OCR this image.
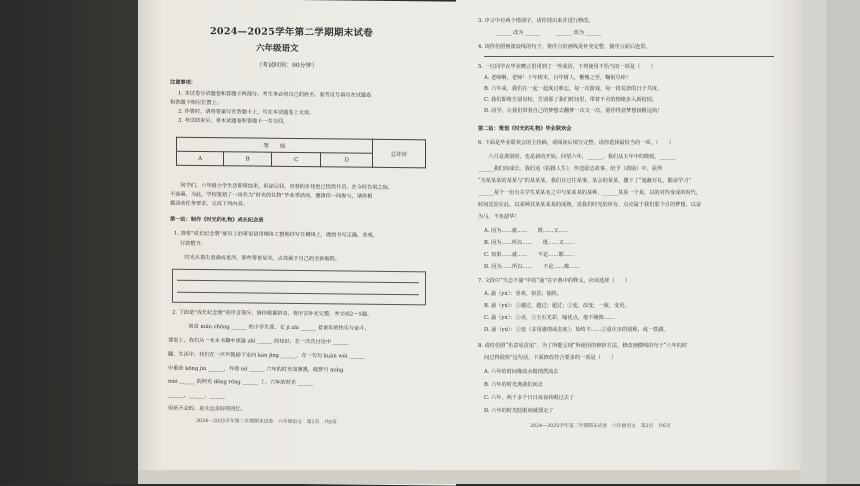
2024—2025学年第二学期期末试卷
六年级语文
（考试时间：90分钟）
注意事项：
1. 本试卷分试题卷和答题卡两部分，考生务必将自己的姓名、准考证号填写在试题卷
和答题卡相应位置上。
2. 作答时，请将答案写在答题卡上，写在本试题卷上无效。
3. 考试结束后，将本试题卷和答题卡一并交回。
等　　级				总评价
A	B	C	D	
　　同学们，六年级小学生活即将结束，但途记我，青春的步伐更已悄然开启。在今时告别之际，
不落幕，为此，学校策划了一场名为“时光的礼物”毕业季活动，邀请你一同参与，请你根
据活动任务要求，完成下列内容。
第一站：制作《时光的礼物》成长纪念册
1. 请将“成长纪念册”扉页上的寄语语用楷体工整地抄写在横线上，做到书写正确、美观、
行款整齐。
　　时光从指尖流淌成星河，那些带着星光，点亮属于自己的全新航程。
2. 下面是“成长纪念册”的序言部分，请你根据拼音，将序言补充完整。并完成2～5题。
　　回首 mǔn chōng ______ 的小学生涯，它 jì zài ______ 着童年的快乐与奋斗，
课堂上，我们从一本本书籍中深邃 zhǐ ______ 的知识；在一次次讨论中 ______
翻，生活中，我们在一声声鼓励下走向 kàn jīng ______，在一句句 kuān wèi ______
中重获 kōng jìn ______，并得 mǐ ______ 六年的时光如薄墨，破梦月 míng
mèi ______ 的阿光 dōng róng ______ 了。六年的时光 ______
______，______，______
但纸不会的，是永远美好的回忆。
2024—2025学年第二学期期末试卷　六年级语文　第1页　共6页
3. 序言中有两个错别字，请你找出来并进行修改。
______ 改为 ______　　　______ 改为 ______
4. 请你仿照画波浪线的句子，将序言的画线处补充完整，使序言前后连贯。
5. 一位同学在毕业赠言里用到了一些成语，下列使用不恰当的一项是（　　）
A. 老师啊，老师！十年树木，百年树人，惭愧之至，鞠躬尽瘁！
B. 六年来，我们在一起一起度过难忘，每一次游戏，每一段荒唐的日子共度。
C. 我们即将告别母校，告别那了我们时间里，带着不舍的情绪步入新校园。
D. 同学，让我们带着自己的梦想去翻梦一次又一次，愿你得意梦想扬帆远航！
第二站：策划《时光的礼物》毕业联欢会
6. 下面是毕业联欢会的主持稿，请阅读后填写完整，请你选择最恰当的一项。（　　）
　　六月是离别的，也是新的开始，回望六年，______，我们从五年中的吸收，______
______我们的成长。我们追《拍摄人生》，传送励志故事，给予（鼓励）中，获得
“为某某某的某某与”的某某某，我们在过往某事，某会的某某，撒下了“遮蔽有礼，勤奋学习”
______某个一份有关学生某某名之中与某某某的某种。______某某一个某，以的对待身成的时代，
时间沈淀在此，以某种其某某某某的成熟，真我们时光的所有，点亮属于我们那个自的梦想，以奋
为马，不负韶华！
A. 因为……就……　　既……又……
B. 因为……所以……　　既……又……
C. 如果……就……　　不论……都……
D. 因为……所以……　　不论……都……
7. 文段中“矢志不渝”中的“渝”在字典中的释义，应该选择（　　）
A. 渝（yú）：喜欢，快乐；愉快。
B. 渝（yú）：①越过，越过；超过；②变，改变，一致，变更。
C. 渝（yú）：①美，②玉石光彩，喻优点，毫不掩饰……
D. 渝（yú）：①变（多用感情或态度）；始终不……②重庆市的别称，成一铁路。
8. 请你仿照“乐意易首尾”，为了所能呈现“所使用的修辞方法，修改画横线的句子“六年的时
间过得很快”这句话，下面修改符合要求的一项是（　　）
A. 六年的时间像流水般悄然流去
B. 六年的时光离我们而去
C. 六年，两千多个日日夜夜转眼过去了
D. 六年的时光眨眼间就溜走了
2024—2025学年第二学期期末试卷　六年级语文　第2页　共6页
